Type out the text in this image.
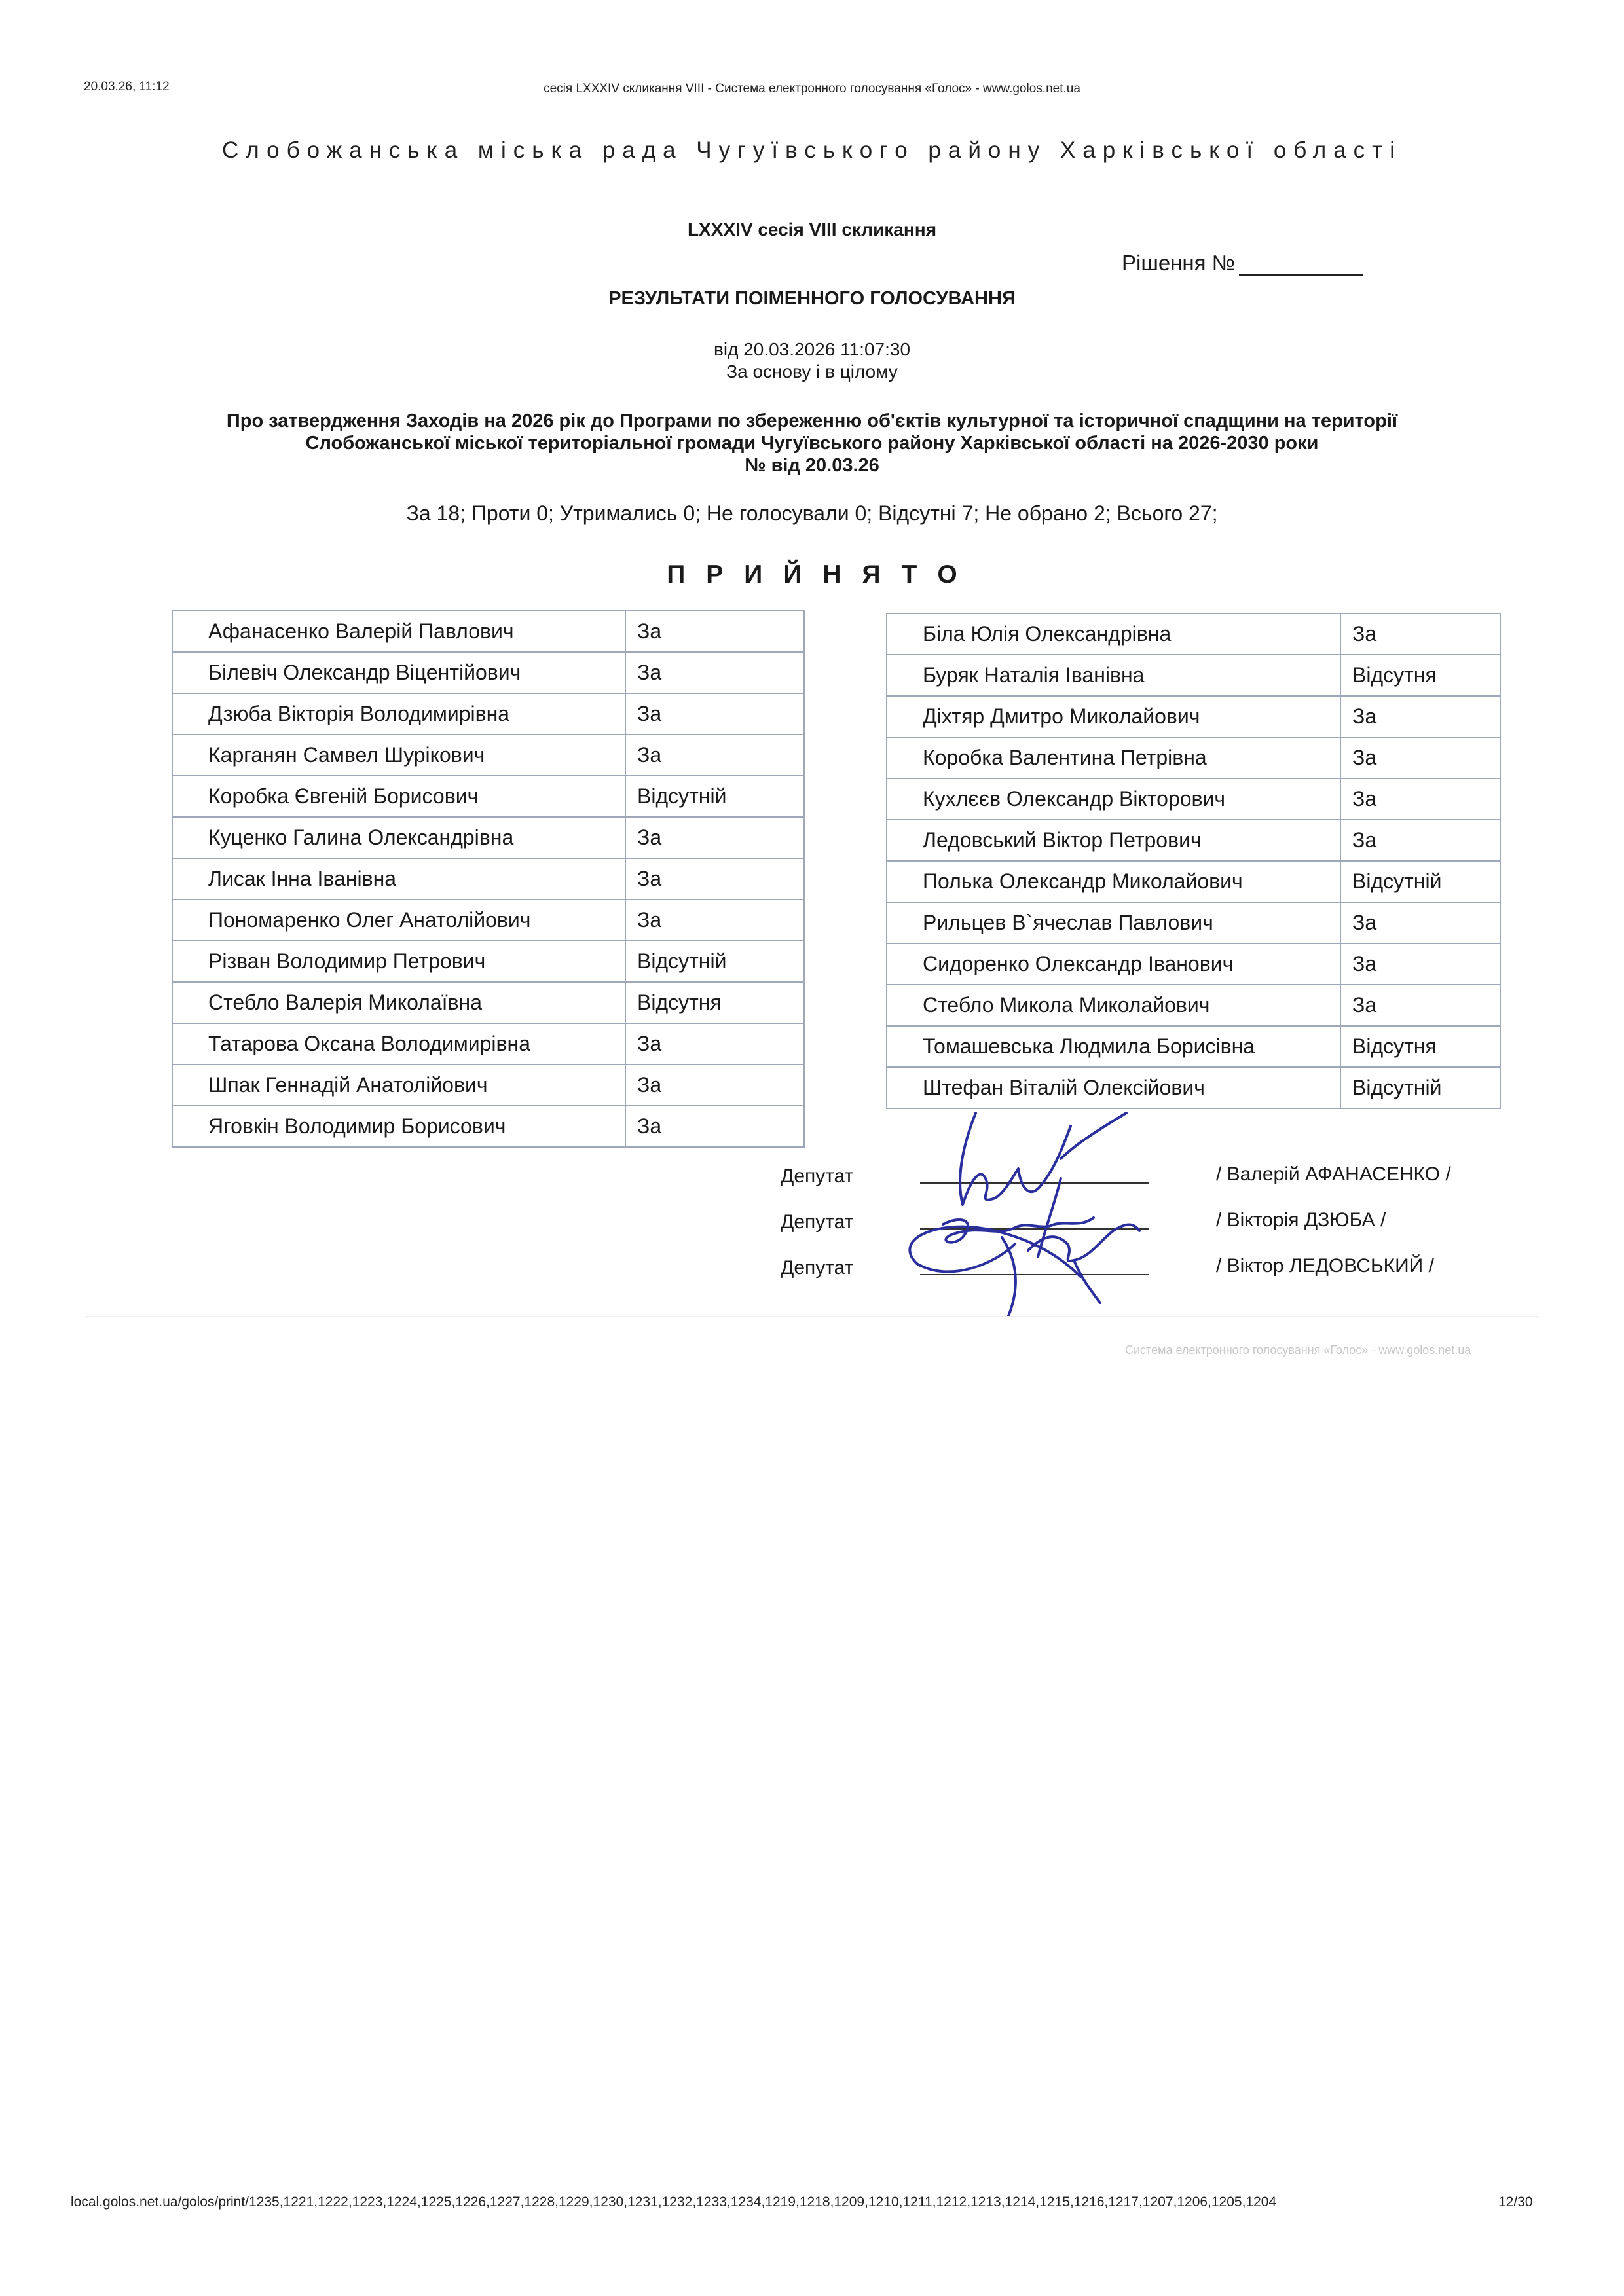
20.03.26, 11:12	сесія LXXXIV скликання VIII - Система електронного голосування «Голос» - www.golos.net.ua
Слобожанська міська рада Чугуївського району Харківської області
LXXXIV сесія VIII скликання
Рішення №
РЕЗУЛЬТАТИ ПОІМЕННОГО ГОЛОСУВАННЯ
від 20.03.2026 11:07:30
За основу і в цілому
Про затвердження Заходів на 2026 рік до Програми по збереженню об'єктів культурної та історичної спадщини на території
Слобожанської міської територіальної громади Чугуївського району Харківської області на 2026-2030 роки
№ від 20.03.26
За 18; Проти 0; Утримались 0; Не голосували 0; Відсутні 7; Не обрано 2; Всього 27;
ПРИЙНЯТО
Афанасенко Валерій Павлович	За
Білевіч Олександр Віцентійович	За
Дзюба Вікторія Володимирівна	За
Карганян Самвел Шурікович	За
Коробка Євгеній Борисович	Відсутній
Куценко Галина Олександрівна	За
Лисак Інна Іванівна	За
Пономаренко Олег Анатолійович	За
Різван Володимир Петрович	Відсутній
Стебло Валерія Миколаївна	Відсутня
Татарова Оксана Володимирівна	За
Шпак Геннадій Анатолійович	За
Яговкін Володимир Борисович	За
Біла Юлія Олександрівна	За
Буряк Наталія Іванівна	Відсутня
Діхтяр Дмитро Миколайович	За
Коробка Валентина Петрівна	За
Кухлєєв Олександр Вікторович	За
Ледовський Віктор Петрович	За
Полька Олександр Миколайович	Відсутній
Рильцев В`ячеслав Павлович	За
Сидоренко Олександр Іванович	За
Стебло Микола Миколайович	За
Томашевська Людмила Борисівна	Відсутня
Штефан Віталій Олексійович	Відсутній
Депутат	/ Валерій АФАНАСЕНКО /
Депутат	/ Вікторія ДЗЮБА /
Депутат	/ Віктор ЛЕДОВСЬКИЙ /
Система електронного голосування «Голос» - www.golos.net.ua
local.golos.net.ua/golos/print/1235,1221,1222,1223,1224,1225,1226,1227,1228,1229,1230,1231,1232,1233,1234,1219,1218,1209,1210,1211,1212,1213,1214,1215,1216,1217,1207,1206,1205,1204	12/30
